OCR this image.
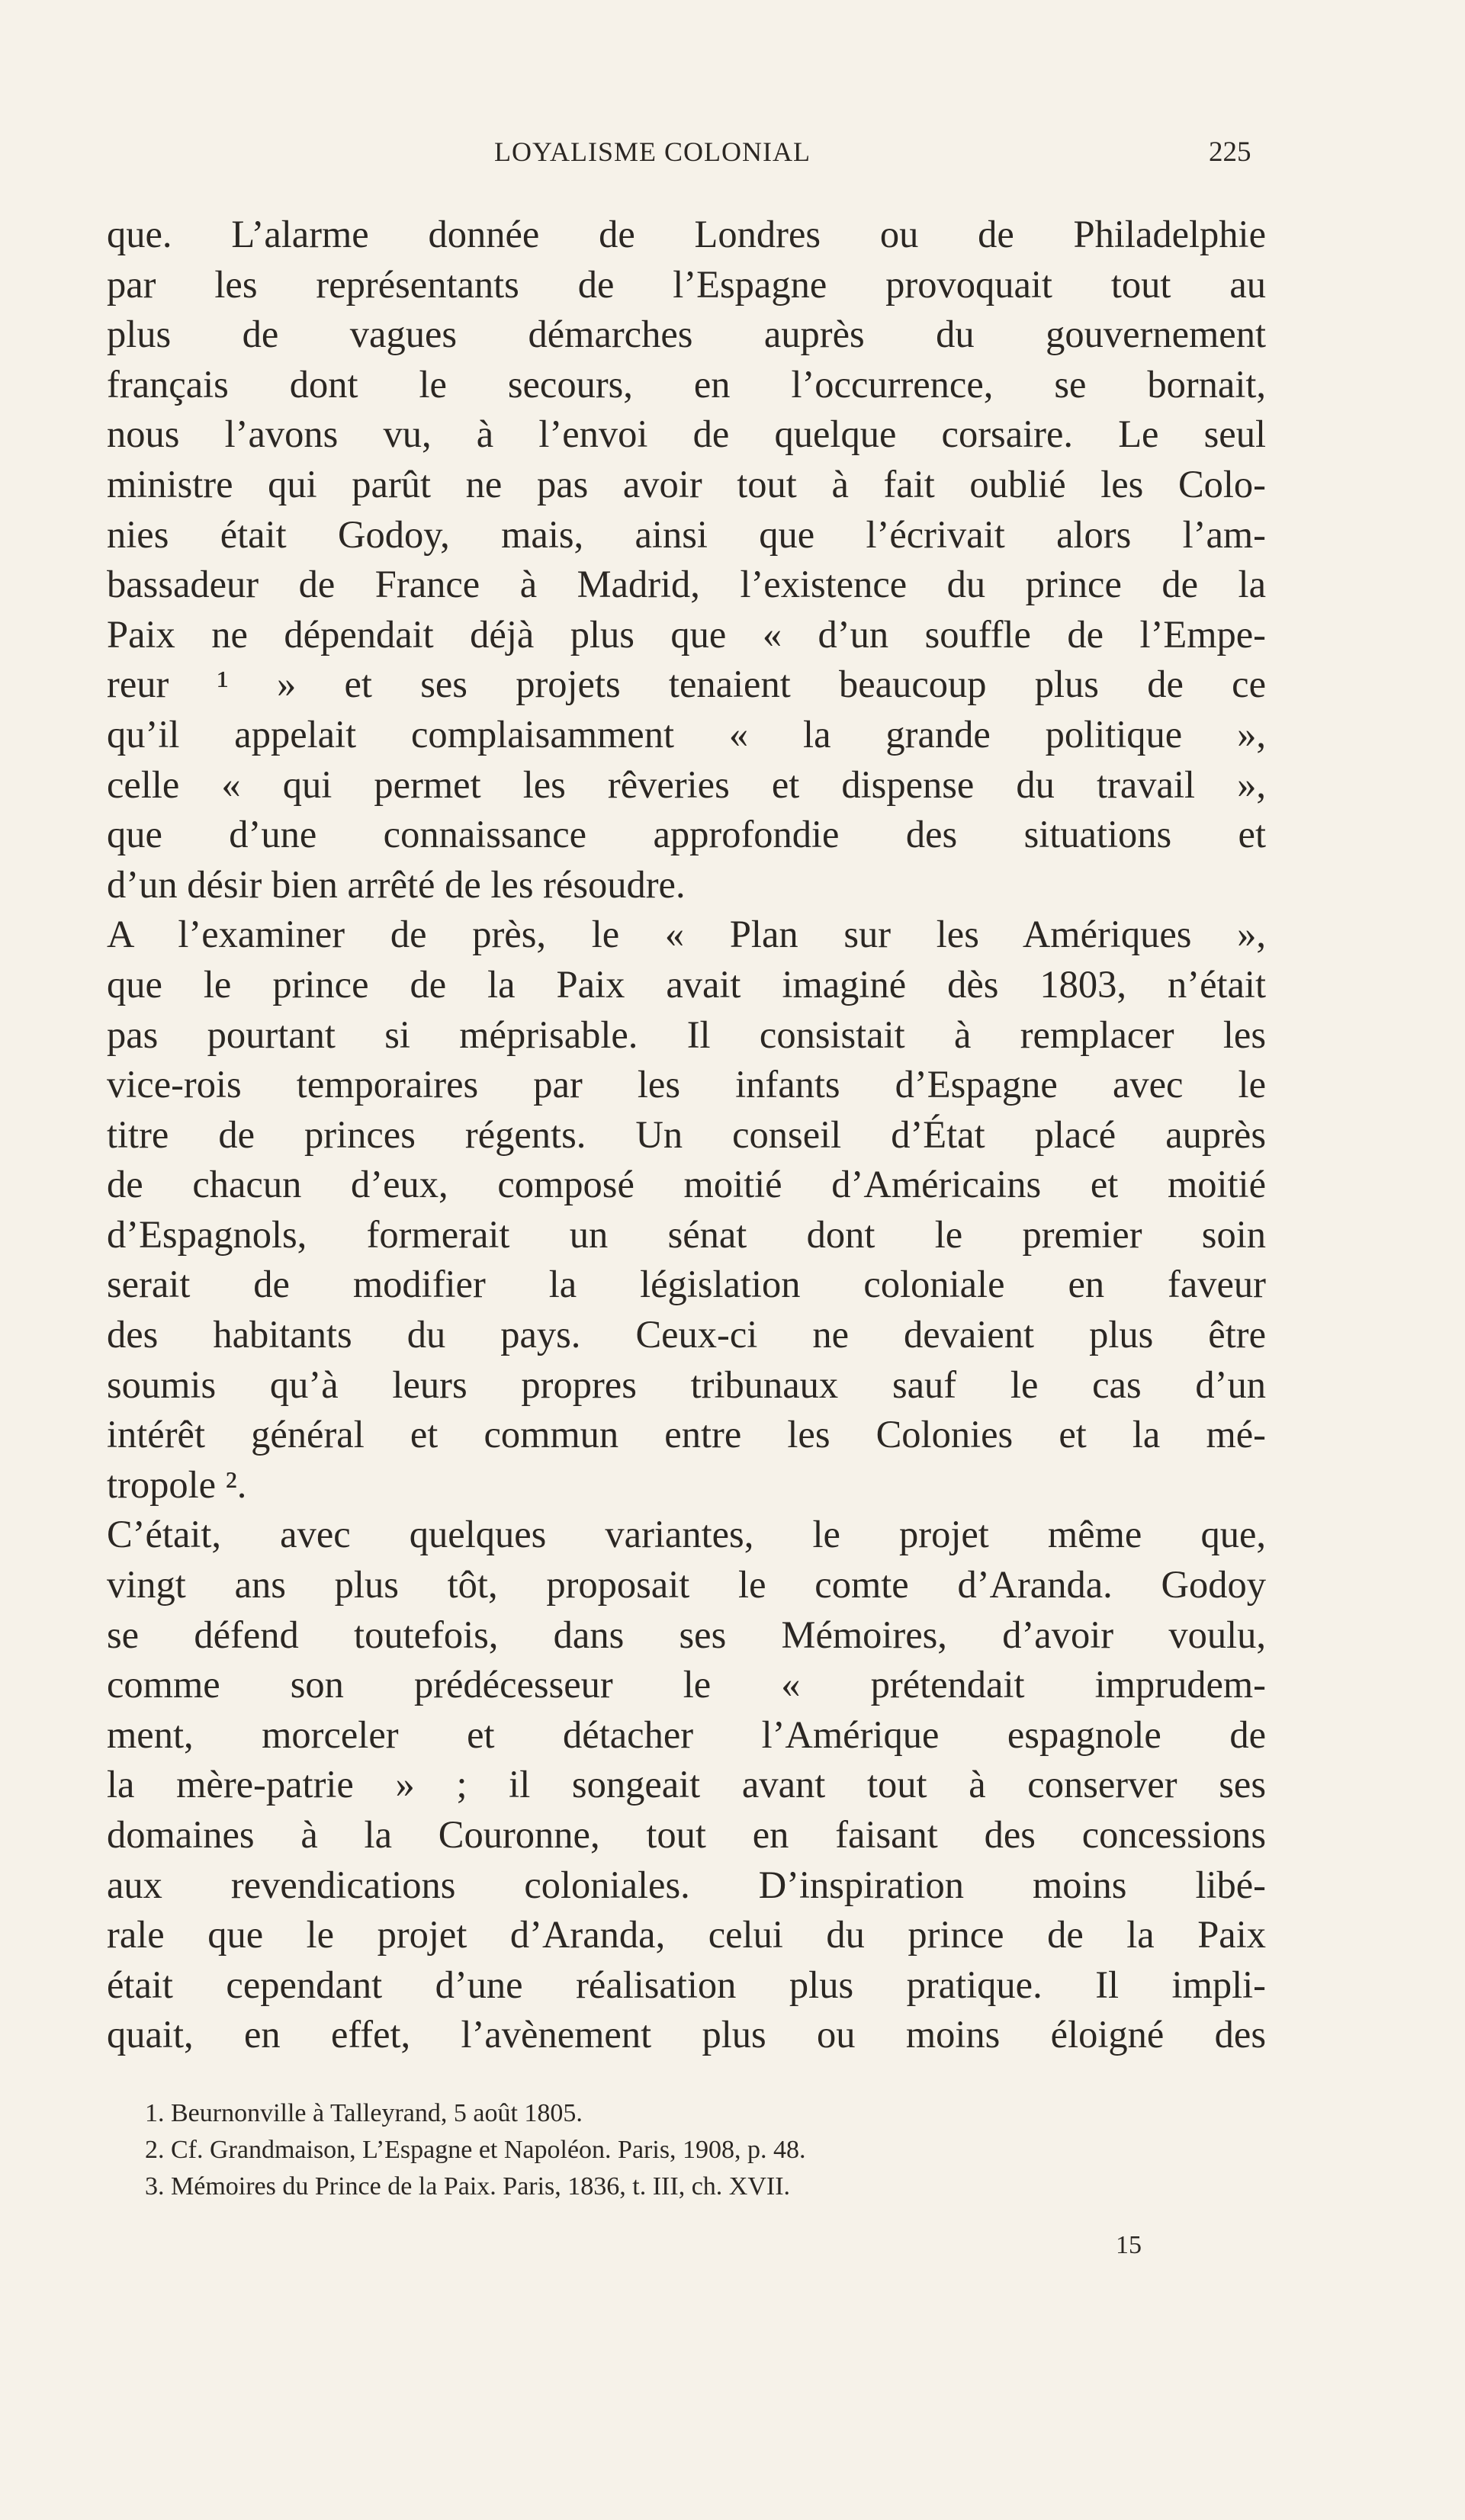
LOYALISME COLONIAL	225
que. L’alarme donnée de Londres ou de Philadelphie
par les représentants de l’Espagne provoquait tout au
plus de vagues démarches auprès du gouvernement
français dont le secours, en l’occurrence, se bornait,
nous l’avons vu, à l’envoi de quelque corsaire. Le seul
ministre qui parût ne pas avoir tout à fait oublié les Colo-
nies était Godoy, mais, ainsi que l’écrivait alors l’am-
bassadeur de France à Madrid, l’existence du prince de la
Paix ne dépendait déjà plus que « d’un souffle de l’Empe-
reur ¹ » et ses projets tenaient beaucoup plus de ce
qu’il appelait complaisamment « la grande politique »,
celle « qui permet les rêveries et dispense du travail »,
que d’une connaissance approfondie des situations et
d’un désir bien arrêté de les résoudre.
A l’examiner de près, le « Plan sur les Amériques »,
que le prince de la Paix avait imaginé dès 1803, n’était
pas pourtant si méprisable. Il consistait à remplacer les
vice-rois temporaires par les infants d’Espagne avec le
titre de princes régents. Un conseil d’État placé auprès
de chacun d’eux, composé moitié d’Américains et moitié
d’Espagnols, formerait un sénat dont le premier soin
serait de modifier la législation coloniale en faveur
des habitants du pays. Ceux-ci ne devaient plus être
soumis qu’à leurs propres tribunaux sauf le cas d’un
intérêt général et commun entre les Colonies et la mé-
tropole ².
C’était, avec quelques variantes, le projet même que,
vingt ans plus tôt, proposait le comte d’Aranda. Godoy
se défend toutefois, dans ses Mémoires, d’avoir voulu,
comme son prédécesseur le « prétendait imprudem-
ment, morceler et détacher l’Amérique espagnole de
la mère-patrie » ; il songeait avant tout à conserver ses
domaines à la Couronne, tout en faisant des concessions
aux revendications coloniales. D’inspiration moins libé-
rale que le projet d’Aranda, celui du prince de la Paix
était cependant d’une réalisation plus pratique. Il impli-
quait, en effet, l’avènement plus ou moins éloigné des
1. Beurnonville à Talleyrand, 5 août 1805.
2. Cf. Grandmaison, L’Espagne et Napoléon. Paris, 1908, p. 48.
3. Mémoires du Prince de la Paix. Paris, 1836, t. III, ch. XVII.
15
